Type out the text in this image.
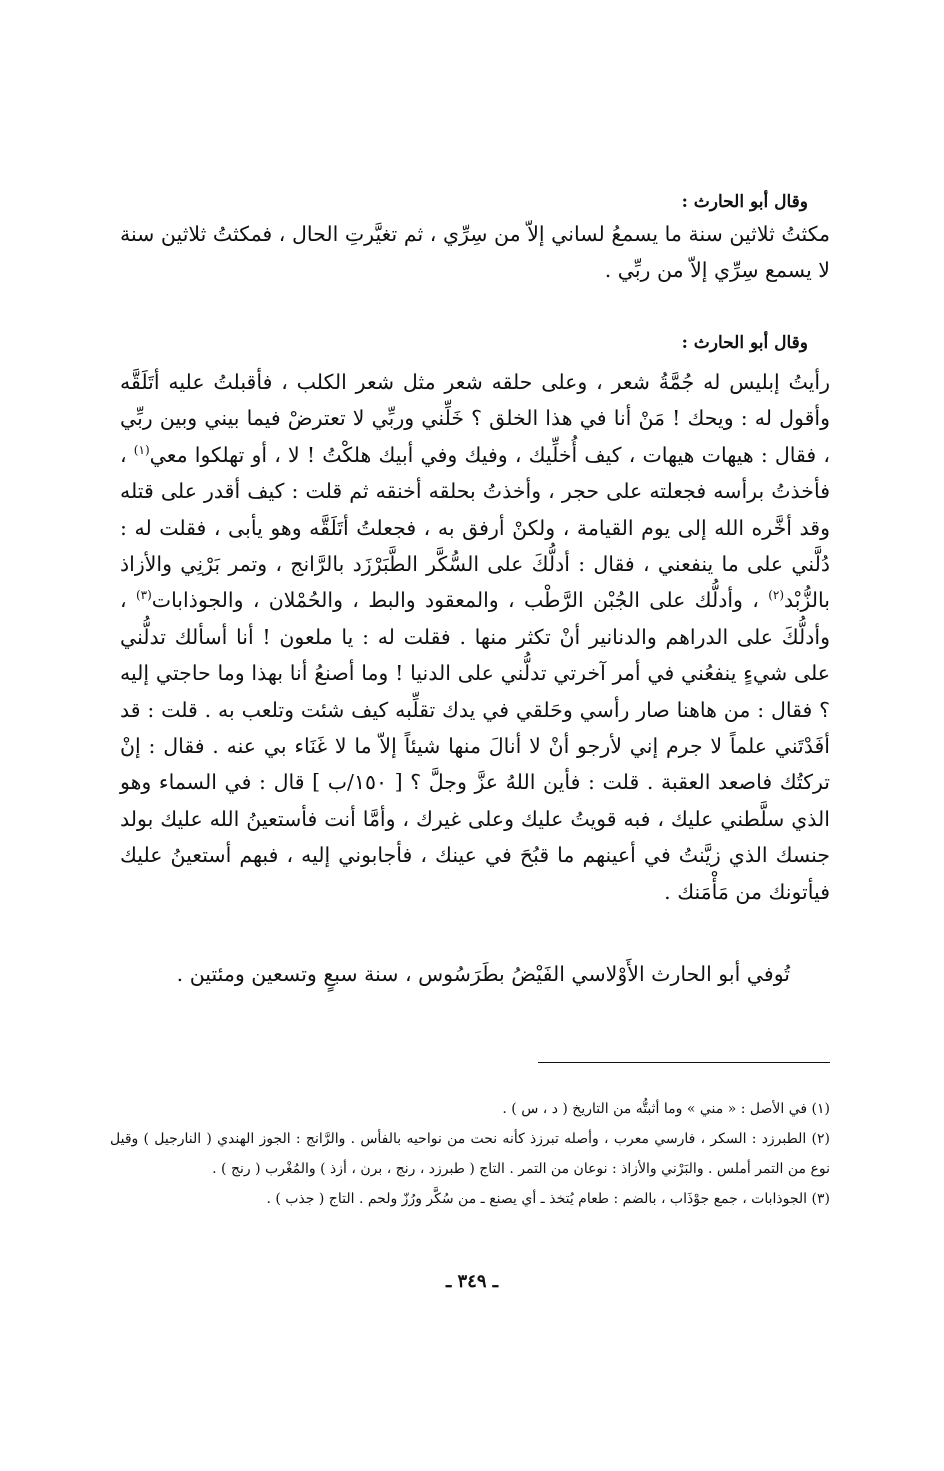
وقال أبو الحارث :

مكثتُ ثلاثين سنة ما يسمعُ لساني إلاّ من سِرِّي ، ثم تغيَّرتِ الحال ، فمكثتُ ثلاثين سنة لا يسمع سِرِّي إلاّ من ربِّي .

وقال أبو الحارث :

رأيتُ إبليس له جُمَّةُ شعر ، وعلى حلقه شعر مثل شعر الكلب ، فأقبلتُ عليه أتَلَقَّه وأقول له : ويحك ! مَنْ أنا في هذا الخلق ؟ خَلِّني وربِّي لا تعترضْ فيما بيني وبين ربِّي ، فقال : هيهات هيهات ، كيف أُخلِّيك ، وفيك وفي أبيك هلكْتُ ! لا ، أو تهلكوا معي$^{(١)}$ ، فأخذتُ برأسه فجعلته على حجر ، وأخذتُ بحلقه أخنقه ثم قلت : كيف أقدر على قتله وقد أخَّره الله إلى يوم القيامة ، ولكنْ أرفق به ، فجعلتُ أتَلَقَّه وهو يأبى ، فقلت له : دُلَّني على ما ينفعني ، فقال : أدلُّكَ على السُّكَّر الطَّبَرْزَد بالرَّانج ، وتمر بَرْنِي والأزاذ بالزُّبْد$^{(٢)}$ ، وأدلُّك على الجُبْن الرَّطْب ، والمعقود والبط ، والحُمْلان ، والجوذابات$^{(٣)}$ ، وأدلُّكَ على الدراهم والدنانير أنْ تكثر منها . فقلت له : يا ملعون ! أنا أسألك تدلُّني على شيءٍ ينفعُني في أمر آخرتي تدلُّني على الدنيا ! وما أصنعُ أنا بهذا وما حاجتي إليه ؟ فقال : من هاهنا صار رأسي وحَلقي في يدك تقلِّبه كيف شئت وتلعب به . قلت : قد أفَدْتَني علماً لا جرم إني لأرجو أنْ لا أنالَ منها شيئاً إلاّ ما لا غَنَاء بي عنه . فقال : إنْ تركتُك فاصعد العقبة . قلت : فأين اللهُ عزَّ وجلَّ ؟ [ ١٥٠/ب ] قال : في السماء وهو الذي سلَّطني عليك ، فبه قويتُ عليك وعلى غيرك ، وأمَّا أنت فأستعينُ الله عليك بولد جنسك الذي زيَّنتُ في أعينهم ما قبُحَ في عينك ، فأجابوني إليه ، فبهم أستعينُ عليك فيأتونك من مَأْمَنك .

تُوفي أبو الحارث الأَوْلاسي الفَيْضُ بطَرَسُوس ، سنة سبعٍ وتسعين ومئتين .

(١) في الأصل : « مني » وما أثبتُّه من التاريخ ( د ، س ) .

(٢) الطبرزد : السكر ، فارسي معرب ، وأصله تبرزذ كأنه نحت من نواحيه بالفأس . والرَّانج : الجوز الهندي ( النارجيل ) وقيل نوع من التمر أملس . والبَرْني والأزاذ : نوعان من التمر . التاج ( طبرزد ، رنج ، برن ، أزذ ) والمُغْرب ( رنج ) .

(٣) الجوذابات ، جمع جوْذَاب ، بالضم : طعام يُتخذ ـ أي يصنع ـ من سُكَّر ورُزّ ولحم . التاج ( جذب ) .

ـ ٣٤٩ ـ
